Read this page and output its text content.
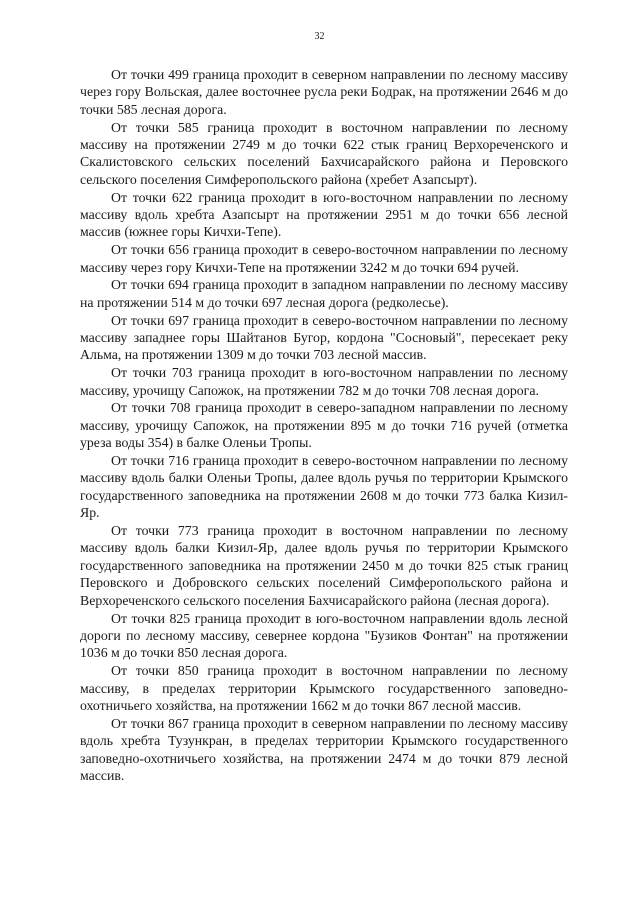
32

От точки 499 граница проходит в северном направлении по лесному массиву через гору Вольская, далее восточнее русла реки Бодрак, на протяжении 2646 м до точки 585 лесная дорога.

От точки 585 граница проходит в восточном направлении по лесному массиву на протяжении 2749 м до точки 622 стык границ Верхореченского и Скалистовского сельских поселений Бахчисарайского района и Перовского сельского поселения Симферопольского района (хребет Азапсырт).

От точки 622 граница проходит в юго-восточном направлении по лесному массиву вдоль хребта Азапсырт на протяжении 2951 м до точки 656 лесной массив (южнее горы Кичхи-Тепе).

От точки 656 граница проходит в северо-восточном направлении по лесному массиву через гору Кичхи-Тепе на протяжении 3242 м до точки 694 ручей.

От точки 694 граница проходит в западном направлении по лесному массиву на протяжении 514 м до точки 697 лесная дорога (редколесье).

От точки 697 граница проходит в северо-восточном направлении по лесному массиву западнее горы Шайтанов Бугор, кордона "Сосновый", пересекает реку Альма, на протяжении 1309 м до точки 703 лесной массив.

От точки 703 граница проходит в юго-восточном направлении по лесному массиву, урочищу Сапожок, на протяжении 782 м до точки 708 лесная дорога.

От точки 708 граница проходит в северо-западном направлении по лесному массиву, урочищу Сапожок, на протяжении 895 м до точки 716 ручей (отметка уреза воды 354) в балке Оленьи Тропы.

От точки 716 граница проходит в северо-восточном направлении по лесному массиву вдоль балки Оленьи Тропы, далее вдоль ручья по территории Крымского государственного заповедника на протяжении 2608 м до точки 773 балка Кизил-Яр.

От точки 773 граница проходит в восточном направлении по лесному массиву вдоль балки Кизил-Яр, далее вдоль ручья по территории Крымского государственного заповедника на протяжении 2450 м до точки 825 стык границ Перовского и Добровского сельских поселений Симферопольского района и Верхореченского сельского поселения Бахчисарайского района (лесная дорога).

От точки 825 граница проходит в юго-восточном направлении вдоль лесной дороги по лесному массиву, севернее кордона "Бузиков Фонтан" на протяжении 1036 м до точки 850 лесная дорога.

От точки 850 граница проходит в восточном направлении по лесному массиву, в пределах территории Крымского государственного заповедно-охотничьего хозяйства, на протяжении 1662 м до точки 867 лесной массив.

От точки 867 граница проходит в северном направлении по лесному массиву вдоль хребта Тузункран, в пределах территории Крымского государственного заповедно-охотничьего хозяйства, на протяжении 2474 м до точки 879 лесной массив.
